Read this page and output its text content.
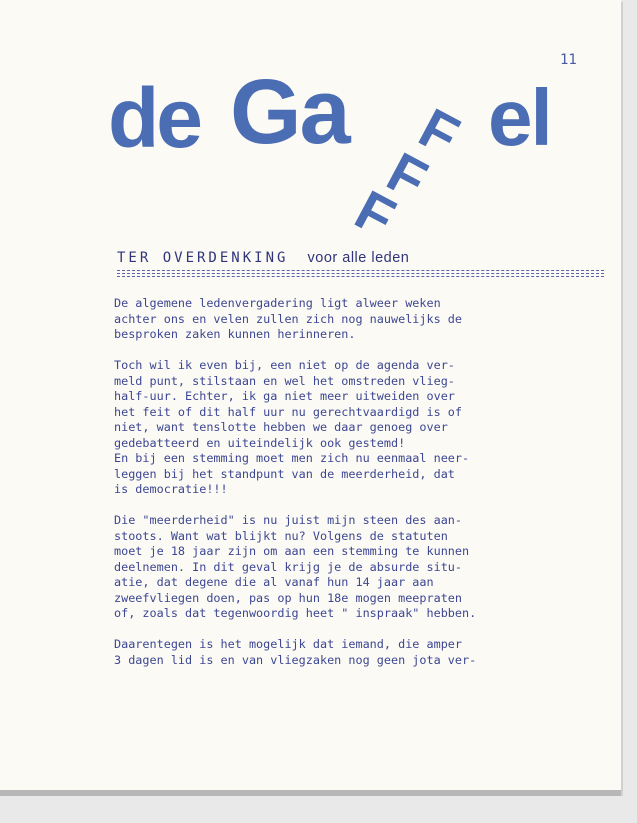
11
de Ga F
F
F
el
TER OVERDENKING voor alle leden
De algemene ledenvergadering ligt alweer weken
achter ons en velen zullen zich nog nauwelijks de
besproken zaken kunnen herinneren.
Toch wil ik even bij, een niet op de agenda ver-
meld punt, stilstaan en wel het omstreden vlieg-
half-uur. Echter, ik ga niet meer uitweiden over
het feit of dit half uur nu gerechtvaardigd is of
niet, want tenslotte hebben we daar genoeg over
gedebatteerd en uiteindelijk ook gestemd!
En bij een stemming moet men zich nu eenmaal neer-
leggen bij het standpunt van de meerderheid, dat
is democratie!!!
Die "meerderheid" is nu juist mijn steen des aan-
stoots. Want wat blijkt nu? Volgens de statuten
moet je 18 jaar zijn om aan een stemming te kunnen
deelnemen. In dit geval krijg je de absurde situ-
atie, dat degene die al vanaf hun 14 jaar aan
zweefvliegen doen, pas op hun 18e mogen meepraten
of, zoals dat tegenwoordig heet " inspraak" hebben.
Daarentegen is het mogelijk dat iemand, die amper
3 dagen lid is en van vliegzaken nog geen jota ver-
